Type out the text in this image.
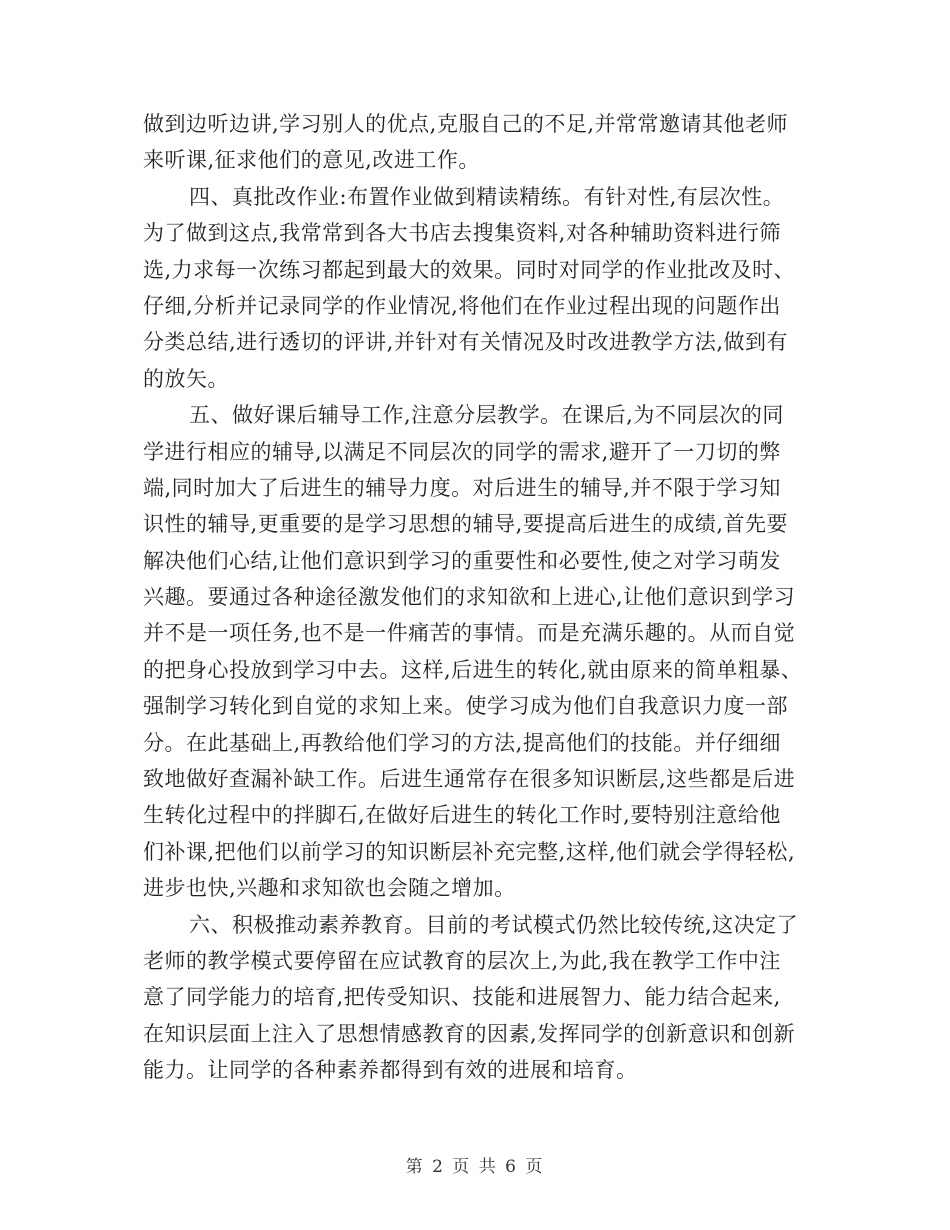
做到边听边讲,学习别人的优点,克服自己的不足,并常常邀请其他老师
来听课,征求他们的意见,改进工作。
四、真批改作业:布置作业做到精读精练。有针对性,有层次性。
为了做到这点,我常常到各大书店去搜集资料,对各种辅助资料进行筛
选,力求每一次练习都起到最大的效果。同时对同学的作业批改及时、
仔细,分析并记录同学的作业情况,将他们在作业过程出现的问题作出
分类总结,进行透切的评讲,并针对有关情况及时改进教学方法,做到有
的放矢。
五、做好课后辅导工作,注意分层教学。在课后,为不同层次的同
学进行相应的辅导,以满足不同层次的同学的需求,避开了一刀切的弊
端,同时加大了后进生的辅导力度。对后进生的辅导,并不限于学习知
识性的辅导,更重要的是学习思想的辅导,要提高后进生的成绩,首先要
解决他们心结,让他们意识到学习的重要性和必要性,使之对学习萌发
兴趣。要通过各种途径激发他们的求知欲和上进心,让他们意识到学习
并不是一项任务,也不是一件痛苦的事情。而是充满乐趣的。从而自觉
的把身心投放到学习中去。这样,后进生的转化,就由原来的简单粗暴、
强制学习转化到自觉的求知上来。使学习成为他们自我意识力度一部
分。在此基础上,再教给他们学习的方法,提高他们的技能。并仔细细
致地做好查漏补缺工作。后进生通常存在很多知识断层,这些都是后进
生转化过程中的拌脚石,在做好后进生的转化工作时,要特别注意给他
们补课,把他们以前学习的知识断层补充完整,这样,他们就会学得轻松,
进步也快,兴趣和求知欲也会随之增加。
六、积极推动素养教育。目前的考试模式仍然比较传统,这决定了
老师的教学模式要停留在应试教育的层次上,为此,我在教学工作中注
意了同学能力的培育,把传受知识、技能和进展智力、能力结合起来,
在知识层面上注入了思想情感教育的因素,发挥同学的创新意识和创新
能力。让同学的各种素养都得到有效的进展和培育。
第 2 页 共 6 页
